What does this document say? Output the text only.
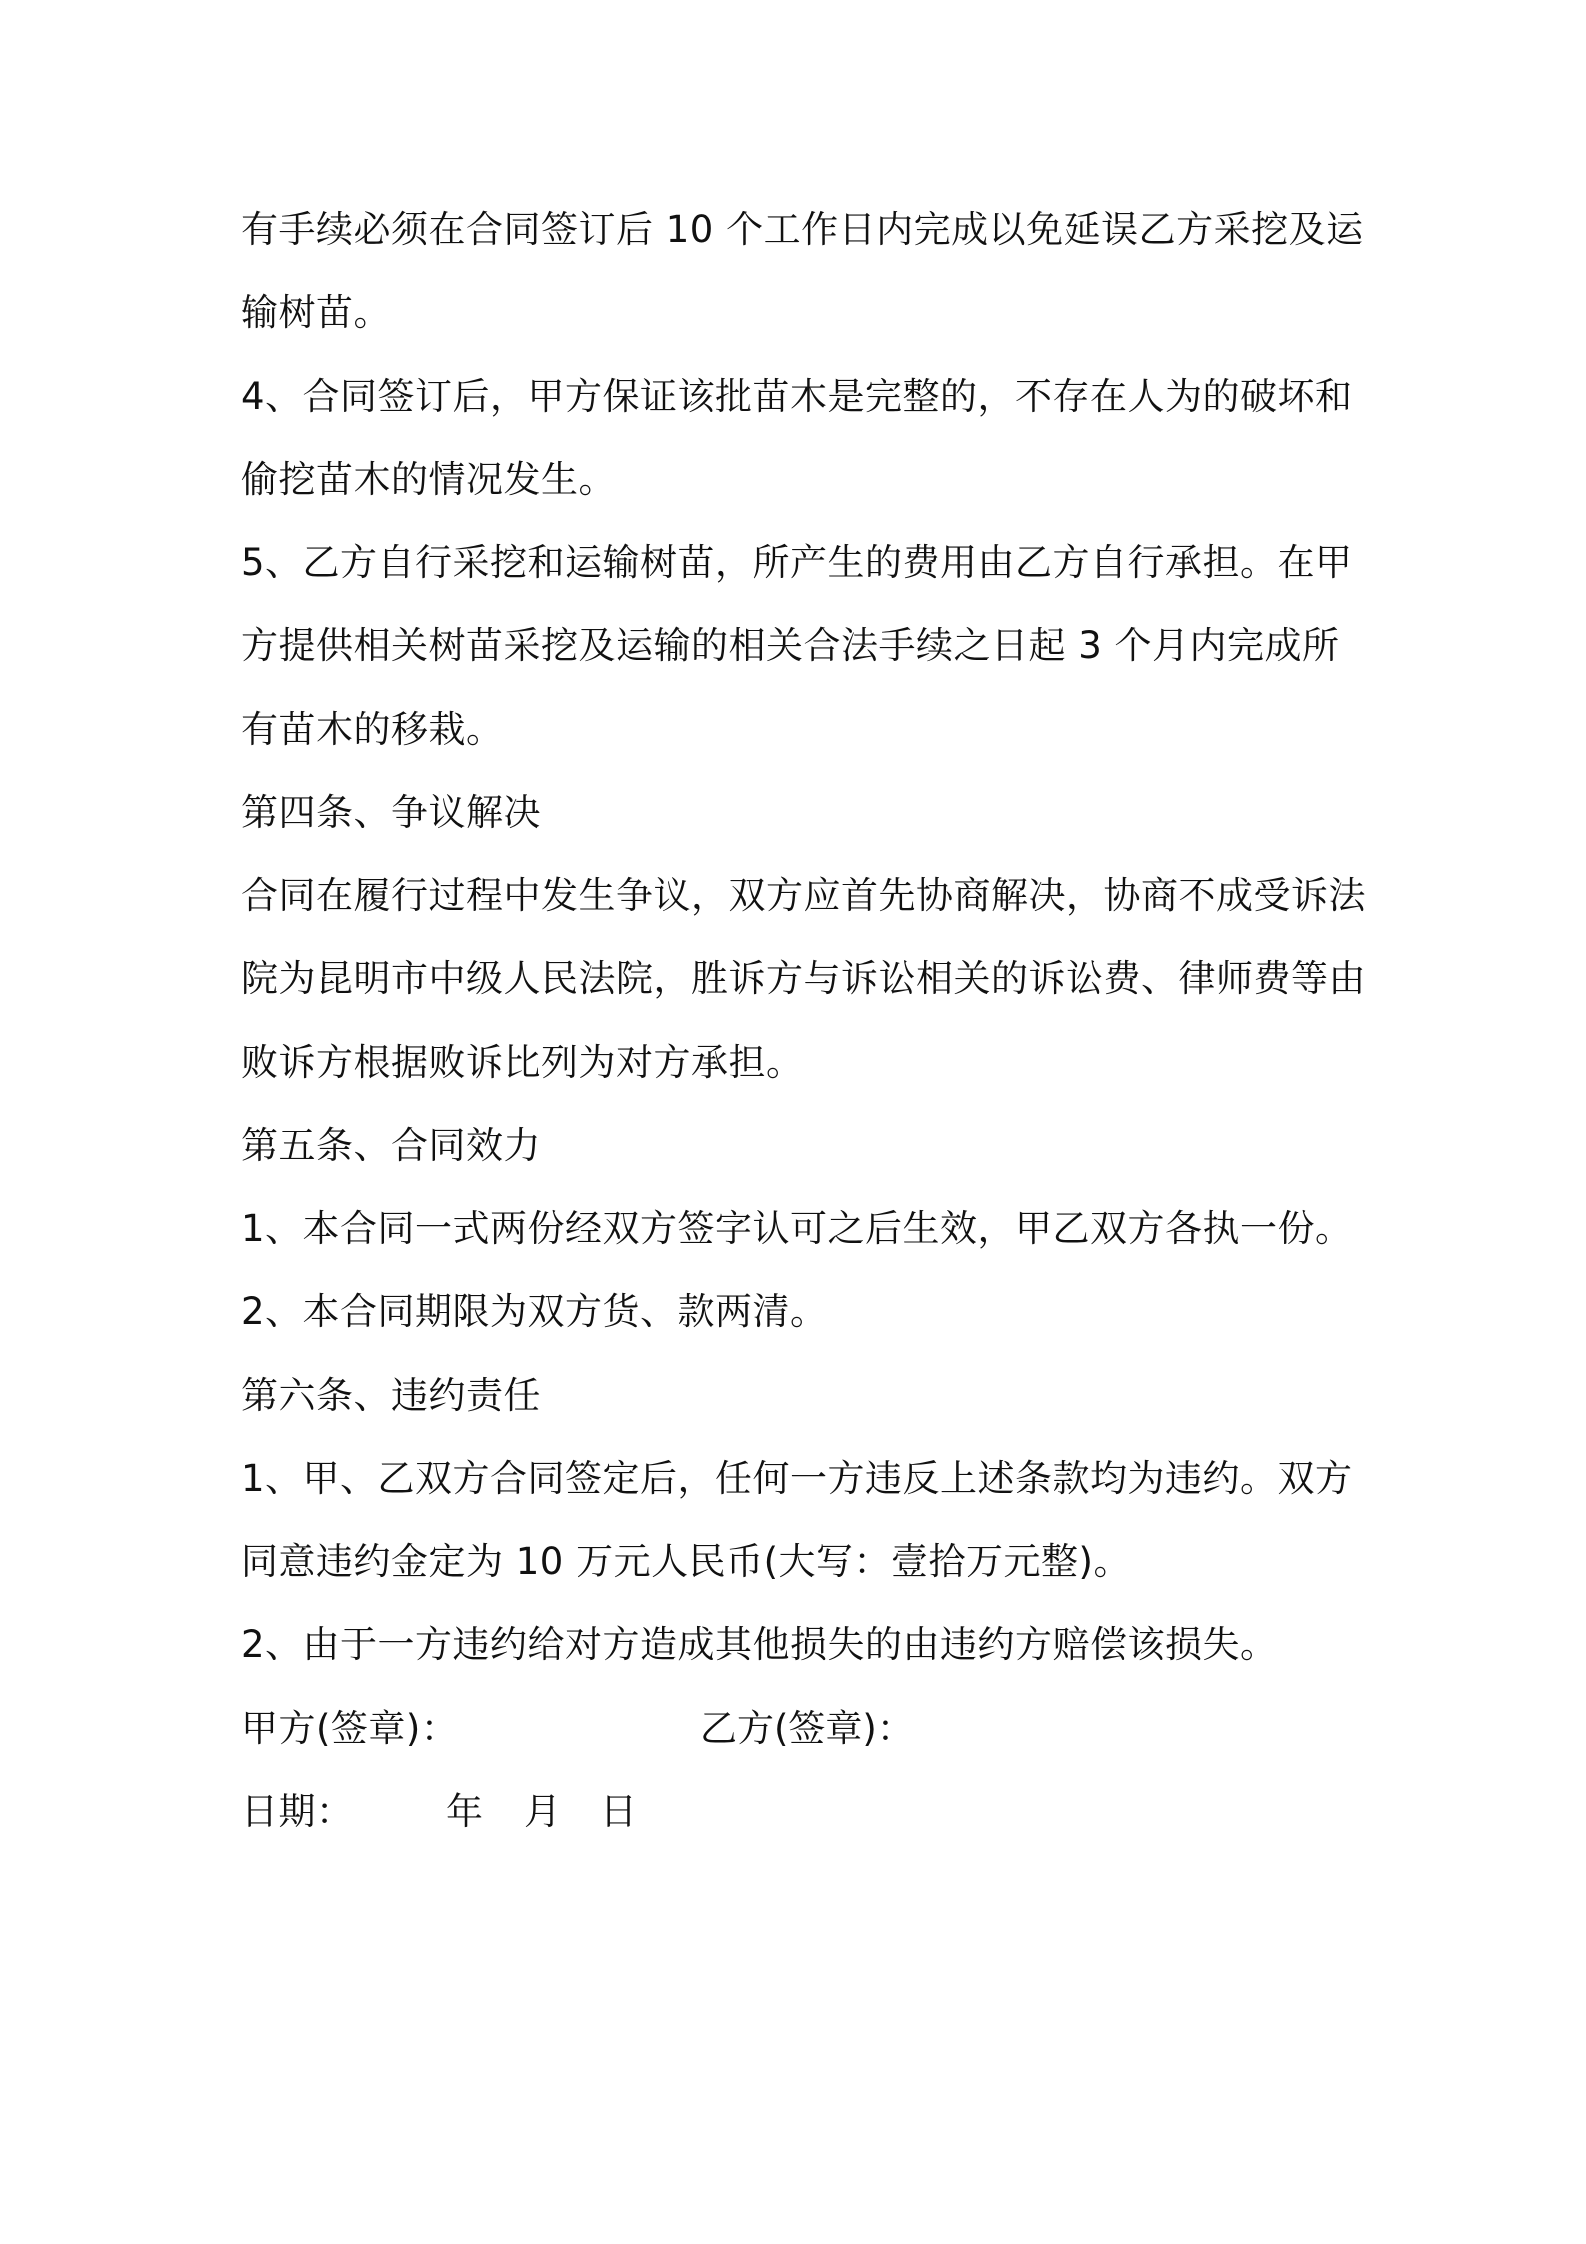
有手续必须在合同签订后 10 个工作日内完成以免延误乙方采挖及运
输树苗。
4、合同签订后，甲方保证该批苗木是完整的，不存在人为的破坏和
偷挖苗木的情况发生。
5、乙方自行采挖和运输树苗，所产生的费用由乙方自行承担。在甲
方提供相关树苗采挖及运输的相关合法手续之日起 3 个月内完成所
有苗木的移栽。
第四条、争议解决
合同在履行过程中发生争议，双方应首先协商解决，协商不成受诉法
院为昆明市中级人民法院，胜诉方与诉讼相关的诉讼费、律师费等由
败诉方根据败诉比列为对方承担。
第五条、合同效力
1、本合同一式两份经双方签字认可之后生效，甲乙双方各执一份。
2、本合同期限为双方货、款两清。
第六条、违约责任
1、甲、乙双方合同签定后，任何一方违反上述条款均为违约。双方
同意违约金定为 10 万元人民币(大写：壹拾万元整)。
2、由于一方违约给对方造成其他损失的由违约方赔偿该损失。
甲方(签章)：	乙方(签章)：
日期：	年 月 日
